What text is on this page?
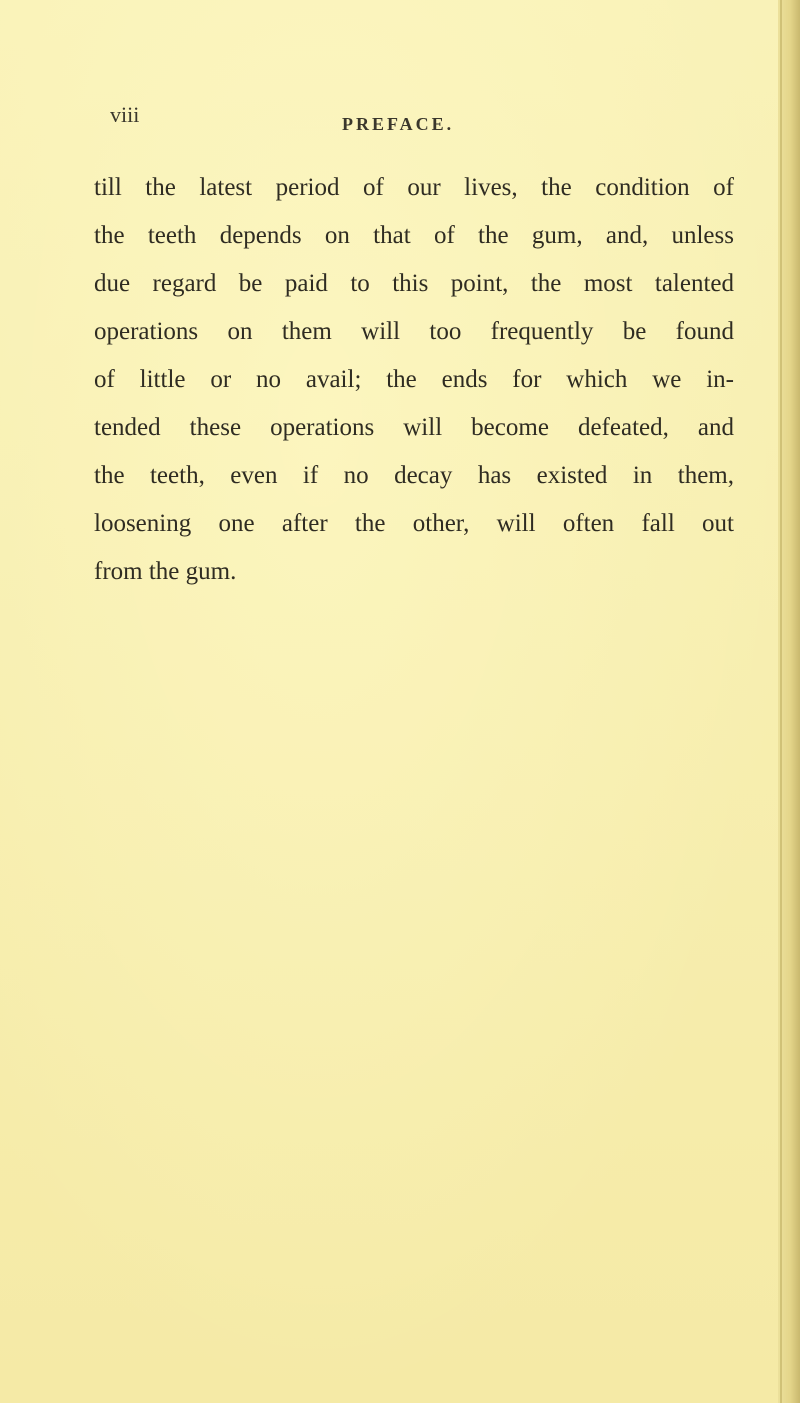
viii	PREFACE.
till the latest period of our lives, the condition of
the teeth depends on that of the gum, and, unless
due regard be paid to this point, the most talented
operations on them will too frequently be found
of little or no avail; the ends for which we in-
tended these operations will become defeated, and
the teeth, even if no decay has existed in them,
loosening one after the other, will often fall out
from the gum.
